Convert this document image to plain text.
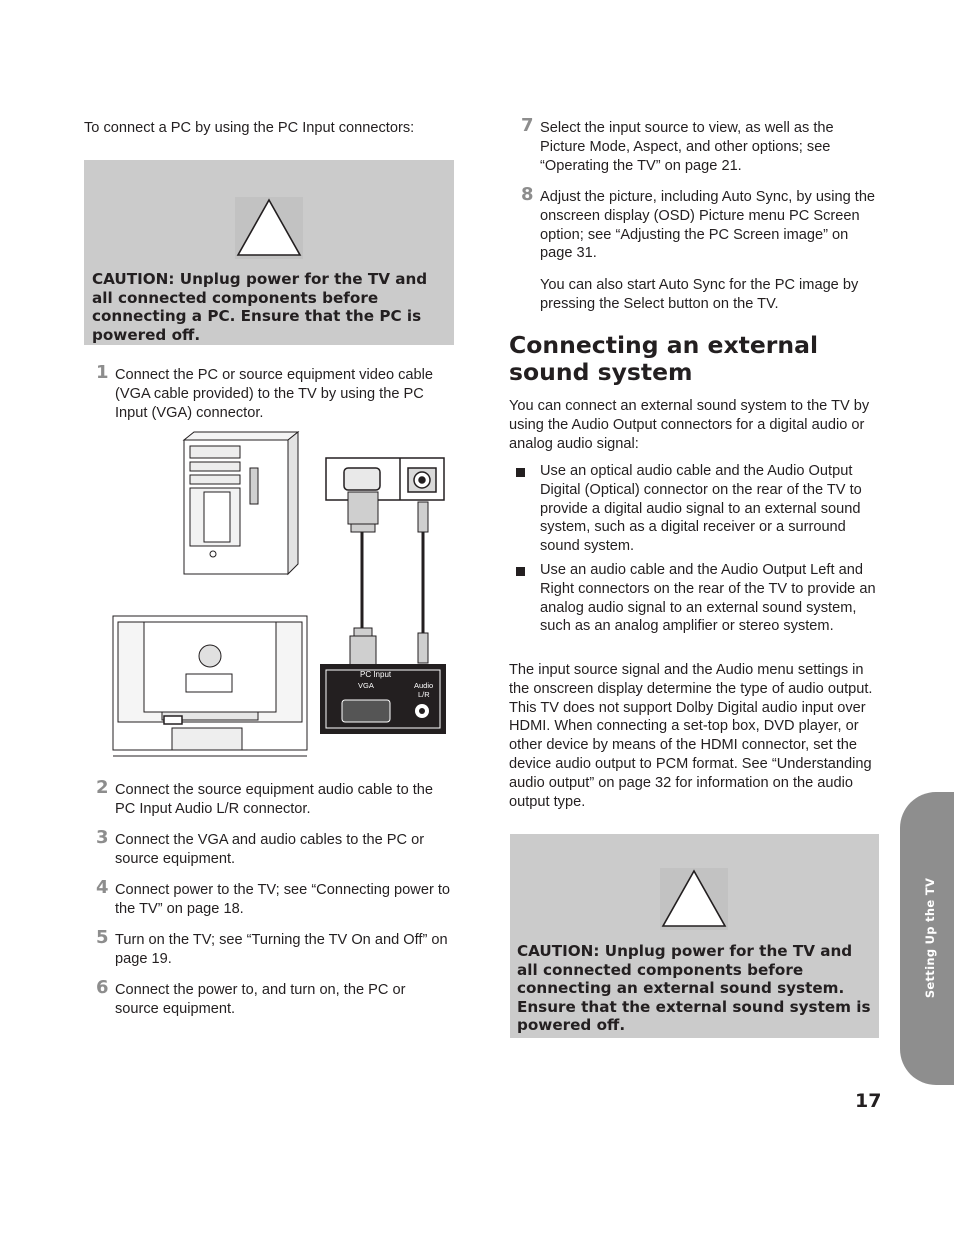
To connect a PC by using the PC Input connectors:
CAUTION: Unplug power for the TV and all connected components before connecting a PC. Ensure that the PC is powered off.
1 Connect the PC or source equipment video cable (VGA cable provided) to the TV by using the PC Input (VGA) connector.
PC Input
VGA	Audio
L/R
2 Connect the source equipment audio cable to the PC Input Audio L/R connector.
3 Connect the VGA and audio cables to the PC or source equipment.
4 Connect power to the TV; see “Connecting power to the TV” on page 18.
5 Turn on the TV; see “Turning the TV On and Off” on page 19.
6 Connect the power to, and turn on, the PC or source equipment.
7 Select the input source to view, as well as the Picture Mode, Aspect, and other options; see “Operating the TV” on page 21.
8 Adjust the picture, including Auto Sync, by using the onscreen display (OSD) Picture menu PC Screen option; see “Adjusting the PC Screen image” on page 31.
You can also start Auto Sync for the PC image by pressing the Select button on the TV.
Connecting an external sound system
You can connect an external sound system to the TV by using the Audio Output connectors for a digital audio or analog audio signal:
Use an optical audio cable and the Audio Output Digital (Optical) connector on the rear of the TV to provide a digital audio signal to an external sound system, such as a digital receiver or a surround sound system.
Use an audio cable and the Audio Output Left and Right connectors on the rear of the TV to provide an analog audio signal to an external sound system, such as an analog amplifier or stereo system.
The input source signal and the Audio menu settings in the onscreen display determine the type of audio output. This TV does not support Dolby Digital audio input over HDMI. When connecting a set-top box, DVD player, or other device by means of the HDMI connector, set the device audio output to PCM format. See “Understanding audio output” on page 32 for information on the audio output type.
CAUTION: Unplug power for the TV and all connected components before connecting an external sound system. Ensure that the external sound system is powered off.
Setting Up the TV
17
